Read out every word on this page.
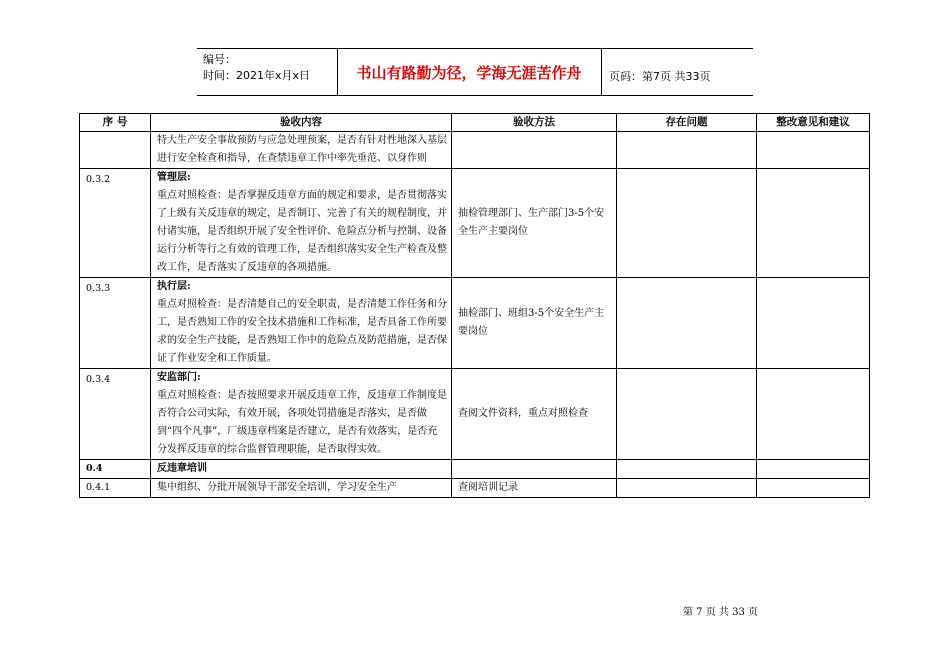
编号：
时间：2021年x月x日	书山有路勤为径，学海无涯苦作舟	页码：第7页 共33页
序 号	验收内容	验收方法	存在问题	整改意见和建议
	特大生产安全事故预防与应急处理预案，是否有针对性地深入基层进行安全检查和指导，在查禁违章工作中率先垂范、以身作则			
0.3.2	管理层:
重点对照检查：是否掌握反违章方面的规定和要求，是否贯彻落实了上级有关反违章的规定，是否制订、完善了有关的规程制度，并付诸实施，是否组织开展了安全性评价、危险点分析与控制、设备运行分析等行之有效的管理工作，是否组织落实安全生产检查及整改工作，是否落实了反违章的各项措施。	抽检管理部门、生产部门3-5个安全生产主要岗位		
0.3.3	执行层:
重点对照检查：是否清楚自己的安全职责，是否清楚工作任务和分工，是否熟知工作的安全技术措施和工作标准，是否具备工作所要求的安全生产技能，是否熟知工作中的危险点及防范措施，是否保证了作业安全和工作质量。	抽检部门、班组3-5个安全生产主要岗位		
0.3.4	安监部门:
重点对照检查：是否按照要求开展反违章工作，反违章工作制度是否符合公司实际，有效开展，各项处罚措施是否落实，是否做到“四个凡事”，厂级违章档案是否建立，是否有效落实，是否充分发挥反违章的综合监督管理职能，是否取得实效。	查阅文件资料，重点对照检查		
0.4	反违章培训			
0.4.1	集中组织、分批开展领导干部安全培训，学习安全生产	查阅培训记录		
第 7 页 共 33 页
